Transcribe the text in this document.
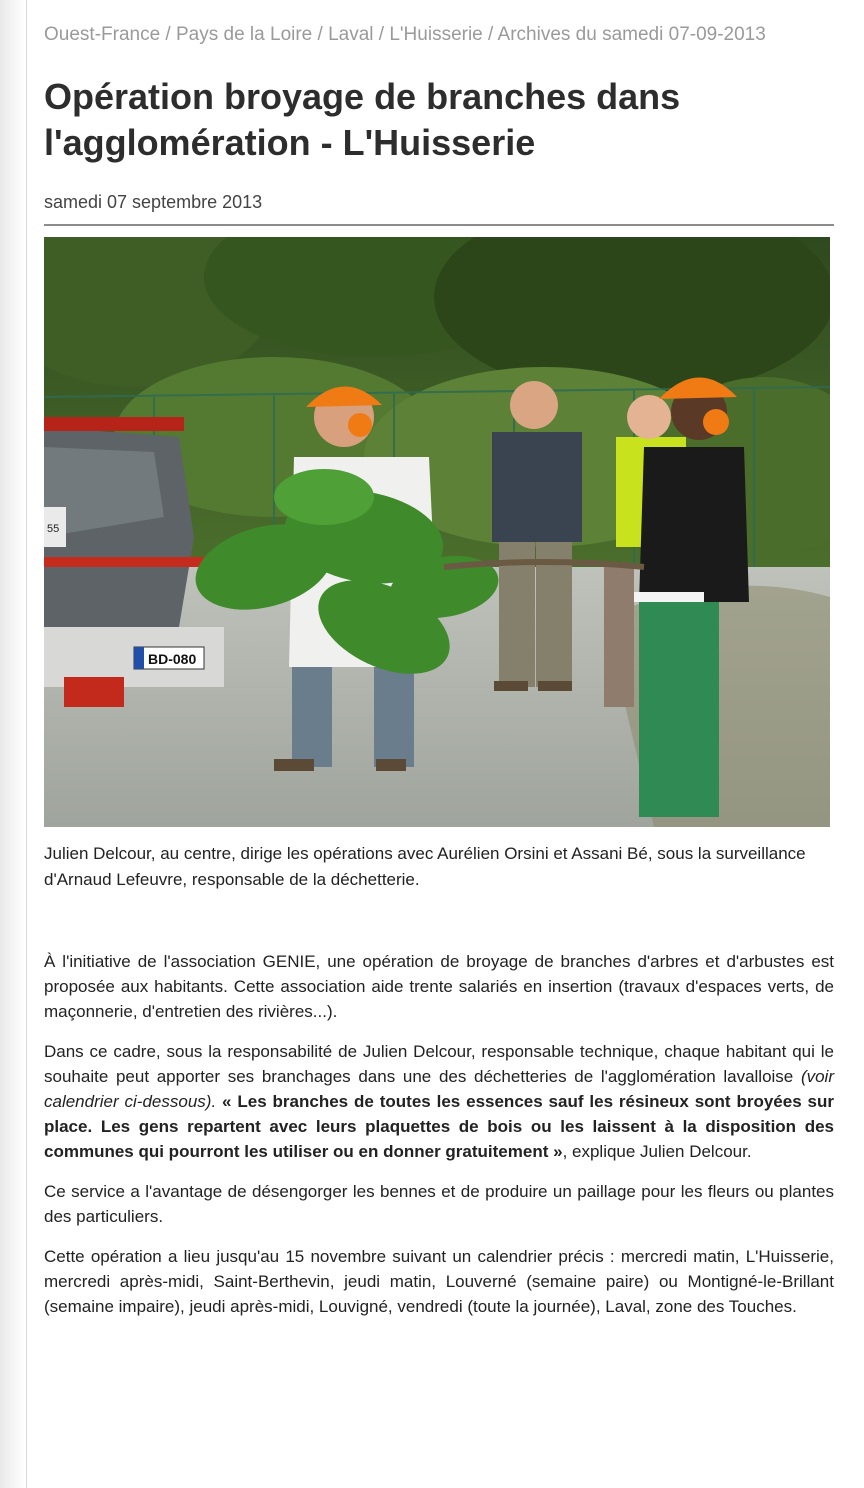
Ouest-France / Pays de la Loire / Laval / L'Huisserie / Archives du samedi 07-09-2013
Opération broyage de branches dans l'agglomération - L'Huisserie
samedi 07 septembre 2013
BD-080
55
Julien Delcour, au centre, dirige les opérations avec Aurélien Orsini et Assani Bé, sous la surveillance d'Arnaud Lefeuvre, responsable de la déchetterie.

À l'initiative de l'association GENIE, une opération de broyage de branches d'arbres et d'arbustes est proposée aux habitants. Cette association aide trente salariés en insertion (travaux d'espaces verts, de maçonnerie, d'entretien des rivières...).

Dans ce cadre, sous la responsabilité de Julien Delcour, responsable technique, chaque habitant qui le souhaite peut apporter ses branchages dans une des déchetteries de l'agglomération lavalloise (voir calendrier ci-dessous). « Les branches de toutes les essences sauf les résineux sont broyées sur place. Les gens repartent avec leurs plaquettes de bois ou les laissent à la disposition des communes qui pourront les utiliser ou en donner gratuitement », explique Julien Delcour.

Ce service a l'avantage de désengorger les bennes et de produire un paillage pour les fleurs ou plantes des particuliers.

Cette opération a lieu jusqu'au 15 novembre suivant un calendrier précis : mercredi matin, L'Huisserie, mercredi après-midi, Saint-Berthevin, jeudi matin, Louverné (semaine paire) ou Montigné-le-Brillant (semaine impaire), jeudi après-midi, Louvigné, vendredi (toute la journée), Laval, zone des Touches.
